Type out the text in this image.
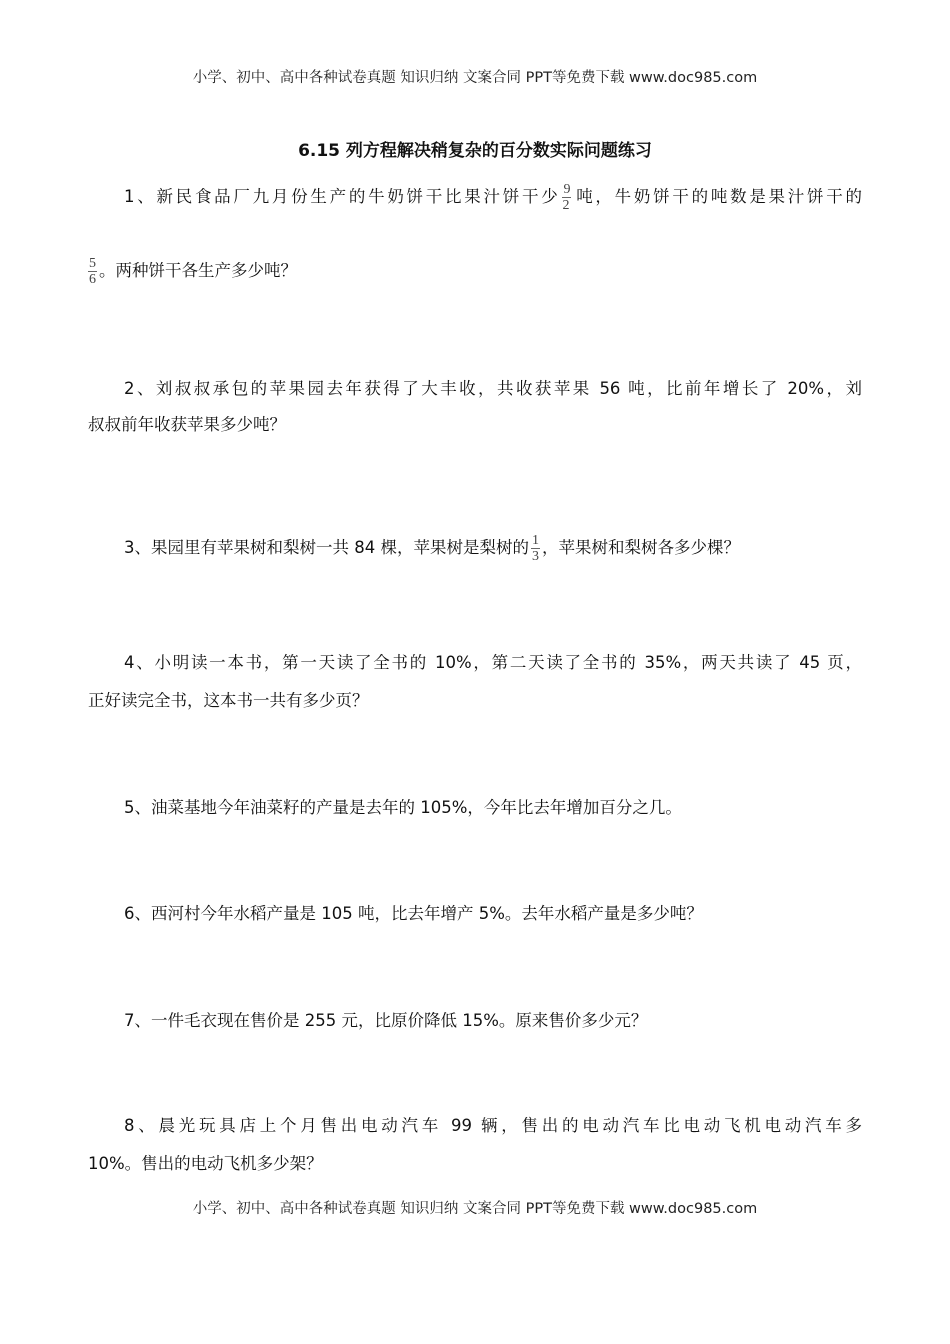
小学、初中、高中各种试卷真题 知识归纳 文案合同 PPT等免费下载 www.doc985.com
6.15 列方程解决稍复杂的百分数实际问题练习
1、新民食品厂九月份生产的牛奶饼干比果汁饼干少 $\frac{9}{2}$ 吨，牛奶饼干的吨数是果汁饼干的
$\frac{5}{6}$ 。两种饼干各生产多少吨？
2、刘叔叔承包的苹果园去年获得了大丰收，共收获苹果 56 吨，比前年增长了 20%，刘
叔叔前年收获苹果多少吨？
3、果园里有苹果树和梨树一共 84 棵，苹果树是梨树的 $\frac{1}{3}$ ，苹果树和梨树各多少棵？
4、小明读一本书，第一天读了全书的 10%，第二天读了全书的 35%，两天共读了 45 页，
正好读完全书，这本书一共有多少页？
5、油菜基地今年油菜籽的产量是去年的 105%，今年比去年增加百分之几。
6、西河村今年水稻产量是 105 吨，比去年增产 5%。去年水稻产量是多少吨？
7、一件毛衣现在售价是 255 元，比原价降低 15%。原来售价多少元？
8、晨光玩具店上个月售出电动汽车 99 辆，售出的电动汽车比电动飞机电动汽车多
10%。售出的电动飞机多少架？
小学、初中、高中各种试卷真题 知识归纳 文案合同 PPT等免费下载 www.doc985.com
